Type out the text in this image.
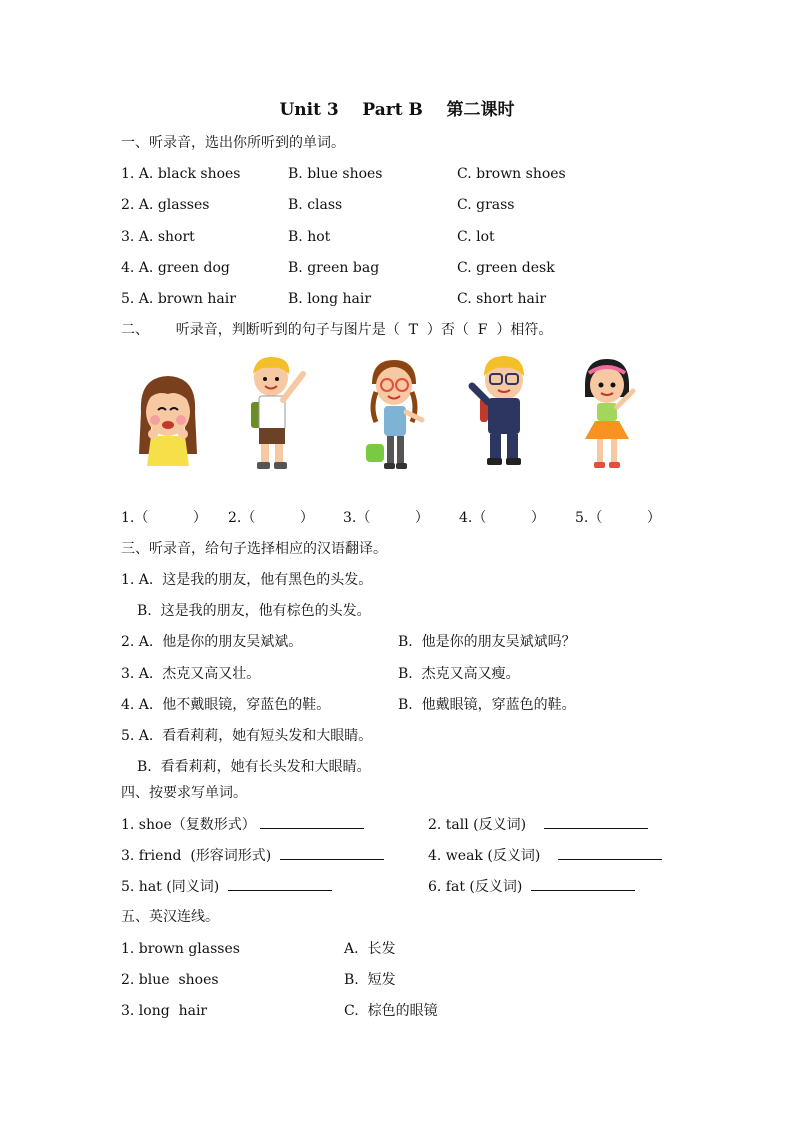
Unit 3    Part B    第二课时
一、听录音，选出你所听到的单词。
1. A. black shoes	B. blue shoes	C. brown shoes
2. A. glasses	B. class	C. grass
3. A. short	B. hot	C. lot
4. A. green dog	B. green bag	C. green desk
5. A. brown hair	B. long hair	C. short hair
二、      听录音，判断听到的句子与图片是（  T  ）否（  F  ）相符。
1.（          ） 2.（          ） 3.（          ） 4.（          ） 5.（          ）
三、听录音，给句子选择相应的汉语翻译。
1. A.  这是我的朋友，他有黑色的头发。
B.  这是我的朋友，他有棕色的头发。
2. A.  他是你的朋友吴斌斌。	B.  他是你的朋友吴斌斌吗？
3. A.  杰克又高又壮。	B.  杰克又高又瘦。
4. A.  他不戴眼镜，穿蓝色的鞋。	B.  他戴眼镜，穿蓝色的鞋。
5. A.  看看莉莉，她有短头发和大眼睛。
B.  看看莉莉，她有长头发和大眼睛。
四、按要求写单词。
1. shoe（复数形式）	2. tall (反义词)
3. friend  (形容词形式)	4. weak (反义词)
5. hat (同义词)	6. fat (反义词)
五、英汉连线。
1. brown glasses	A.  长发
2. blue  shoes	B.  短发
3. long  hair	C.  棕色的眼镜
